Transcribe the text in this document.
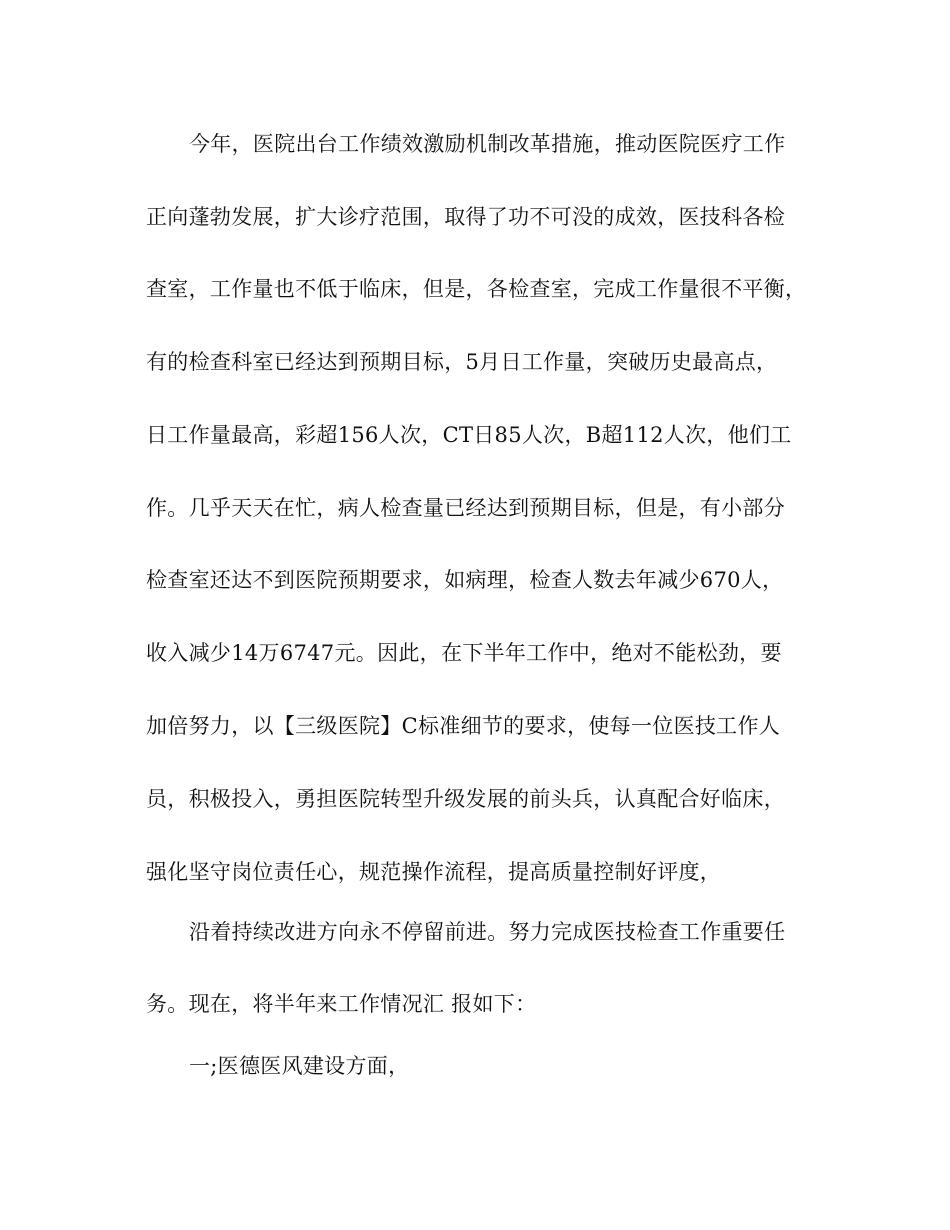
今年，医院出台工作绩效激励机制改革措施，推动医院医疗工作

正向蓬勃发展，扩大诊疗范围，取得了功不可没的成效，医技科各检

查室，工作量也不低于临床，但是，各检查室，完成工作量很不平衡，

有的检查科室已经达到预期目标，5月日工作量，突破历史最高点，

日工作量最高，彩超156人次，CT日85人次，B超112人次，他们工

作。几乎天天在忙，病人检查量已经达到预期目标，但是，有小部分

检查室还达不到医院预期要求，如病理，检查人数去年减少670人，

收入减少14万6747元。因此，在下半年工作中，绝对不能松劲，要

加倍努力，以【三级医院】C标准细节的要求，使每一位医技工作人

员，积极投入，勇担医院转型升级发展的前头兵，认真配合好临床，

强化坚守岗位责任心，规范操作流程，提高质量控制好评度，

沿着持续改进方向永不停留前进。努力完成医技检查工作重要任

务。现在，将半年来工作情况汇 报如下：

一;医德医风建设方面，
